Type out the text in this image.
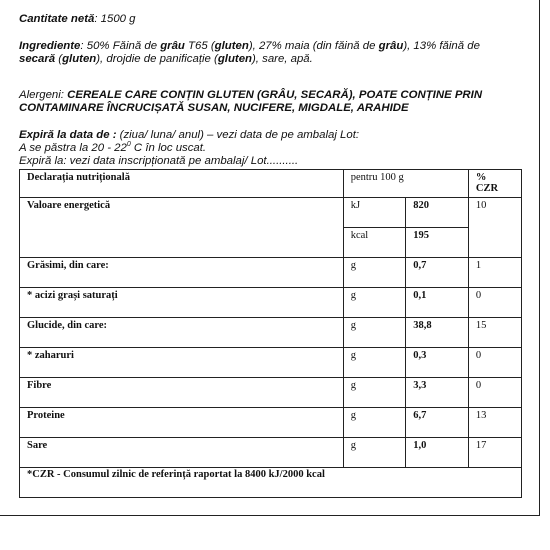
Cantitate netă: 1500 g
Ingrediente: 50% Făină de grâu T65 (gluten), 27% maia (din făină de grâu), 13% făină de secară (gluten), drojdie de panificație (gluten), sare, apă.
Alergeni: CEREALE CARE CONȚIN GLUTEN (GRÂU, SECARĂ), POATE CONȚINE PRIN CONTAMINARE ÎNCRUCIȘATĂ SUSAN, NUCIFERE, MIGDALE, ARAHIDE
Expiră la data de : (ziua/ luna/ anul) – vezi data de pe ambalaj Lot:
A se păstra la $20 - 22^0$ C în loc uscat.
Expiră la: vezi data inscripționată pe ambalaj/ Lot..........
Declarația nutrițională	pentru 100 g		%
CZR
Valoare energetică	kJ	820	10
	kcal	195	
Grăsimi, din care:	g	0,7	1
* acizi grași saturați	g	0,1	0
Glucide, din care:	g	38,8	15
* zaharuri	g	0,3	0
Fibre	g	3,3	0
Proteine	g	6,7	13
Sare	g	1,0	17
*CZR - Consumul zilnic de referință raportat la 8400 kJ/2000 kcal			
